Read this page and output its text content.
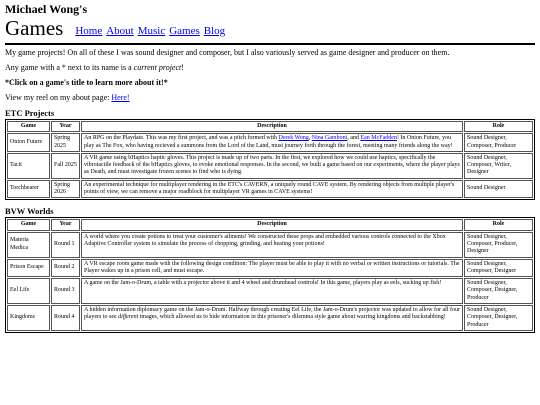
Michael Wong's
Games Home About Music Games Blog

My game projects! On all of these I was sound designer and composer, but I also variously served as game designer and producer on them.

Any game with a * next to its name is a current project!

*Click on a game's title to learn more about it!*

View my reel on my about page: Here!

ETC Projects
Game	Year	Description	Role
Onion Future	Spring 2025	An RPG on the Playdate. This was my first project, and was a pitch formed with Derek Wong, Nina Gamboni, and Ean McFadden! In Onion Future, you play as The Fox, who having recieved a summons from the Lord of the Land, must journey forth through the forest, meeting many friends along the way!	Sound Designer, Composer, Producer
Tacit	Fall 2025	A VR game using bHaptics haptic gloves. This project is made up of two parts. In the first, we explored how we could use haptics, specifically the vibrotactile feedback of the bHaptics gloves, to evoke emotional responses. In the second, we built a game based on our experiments, where the player plays as Death, and must investigate frozen scenes to find who is dying.	Sound Designer, Composer, Writer, Designer
Torchbearer	Spring 2026	An experimental technique for multiplayer rendering in the ETC's CAVERN, a uniquely round CAVE system. By rendering objects from multiple player's points of view, we can remove a major roadblock for multiplayer VR games in CAVE systems!	Sound Designer
BVW Worlds
Game	Year	Description	Role
Materia Medica	Round 1	A world where you create potions to treat your customer's ailments! We constructed these props and embedded various controls connected to the Xbox Adaptive Controller system to simulate the process of chopping, grinding, and heating your potions!	Sound Designer, Composer, Producer, Designer
Prison Escape	Round 2	A VR escape room game made with the following design condition: The player must be able to play it with no verbal or written instructions or tutorials. The Player wakes up in a prison cell, and must escape.	Sound Designer, Composer, Designer
Eel Life	Round 3	A game on the Jam-o-Drum, a table with a projector above it and 4 wheel and drumhead controls! In this game, players play as eels, sucking up fish!	Sound Designer, Composer, Designer, Producer
Kingdoms	Round 4	A hidden information diplomacy game on the Jam-o-Drum. Halfway through creating Eel Life, the Jam-o-Drum's projector was updated to allow for all four players to see different images, which allowed us to hide information in this prisoner's dilemma style game about warring kingdoms and backstabbing!	Sound Designer, Composer, Designer, Producer
